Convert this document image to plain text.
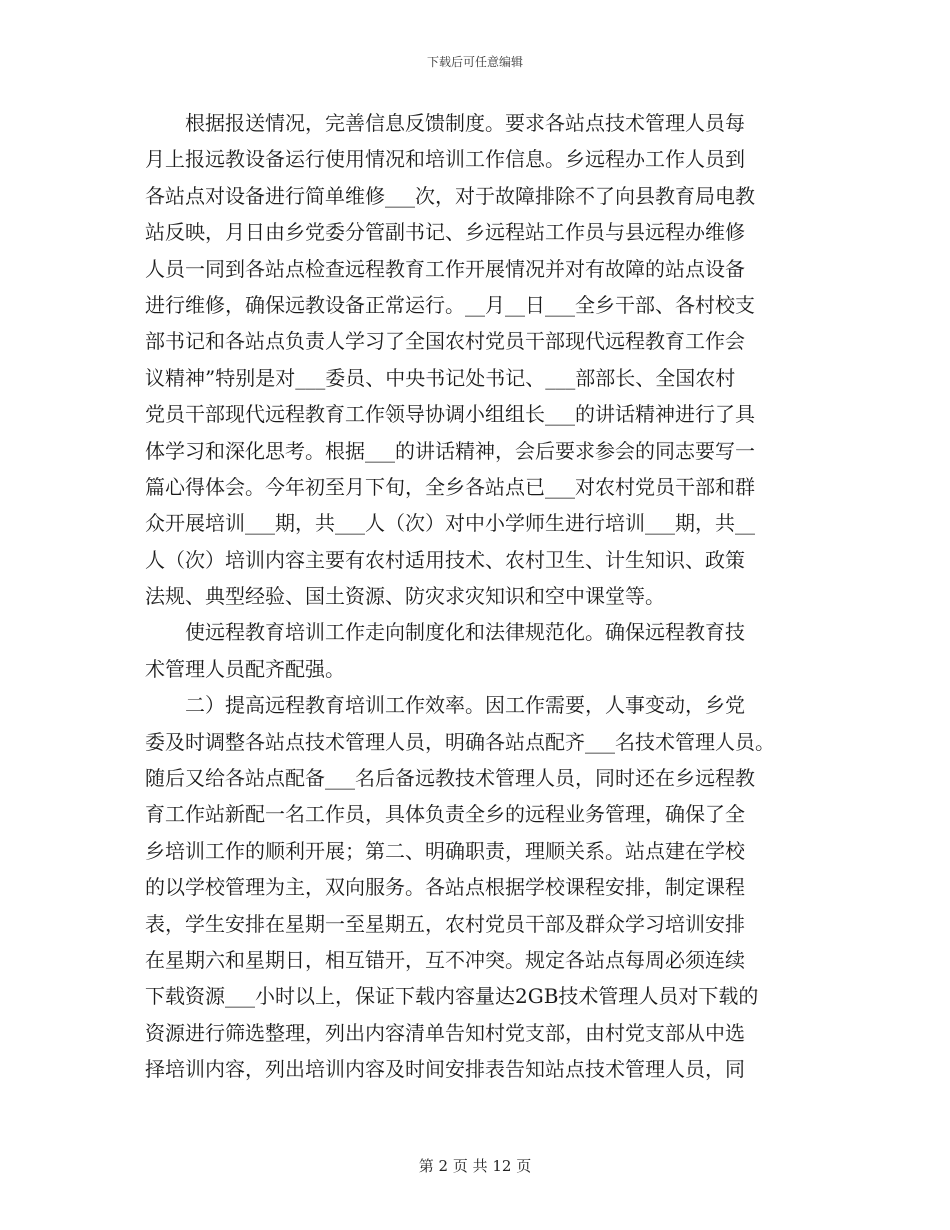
下载后可任意编辑
根据报送情况，完善信息反馈制度。要求各站点技术管理人员每
月上报远教设备运行使用情况和培训工作信息。乡远程办工作人员到
各站点对设备进行简单维修___次，对于故障排除不了向县教育局电教
站反映，月日由乡党委分管副书记、乡远程站工作员与县远程办维修
人员一同到各站点检查远程教育工作开展情况并对有故障的站点设备
进行维修，确保远教设备正常运行。__月__日___全乡干部、各村校支
部书记和各站点负责人学习了全国农村党员干部现代远程教育工作会
议精神”特别是对___委员、中央书记处书记、___部部长、全国农村
党员干部现代远程教育工作领导协调小组组长___的讲话精神进行了具
体学习和深化思考。根据___的讲话精神，会后要求参会的同志要写一
篇心得体会。今年初至月下旬，全乡各站点已___对农村党员干部和群
众开展培训___期，共___人（次）对中小学师生进行培训___期，共__
人（次）培训内容主要有农村适用技术、农村卫生、计生知识、政策
法规、典型经验、国土资源、防灾求灾知识和空中课堂等。
使远程教育培训工作走向制度化和法律规范化。确保远程教育技
术管理人员配齐配强。
二）提高远程教育培训工作效率。因工作需要，人事变动，乡党
委及时调整各站点技术管理人员，明确各站点配齐___名技术管理人员。
随后又给各站点配备___名后备远教技术管理人员，同时还在乡远程教
育工作站新配一名工作员，具体负责全乡的远程业务管理，确保了全
乡培训工作的顺利开展；第二、明确职责，理顺关系。站点建在学校
的以学校管理为主，双向服务。各站点根据学校课程安排，制定课程
表，学生安排在星期一至星期五，农村党员干部及群众学习培训安排
在星期六和星期日，相互错开，互不冲突。规定各站点每周必须连续
下载资源___小时以上，保证下载内容量达2GB技术管理人员对下载的
资源进行筛选整理，列出内容清单告知村党支部，由村党支部从中选
择培训内容，列出培训内容及时间安排表告知站点技术管理人员，同
第 2 页 共 12 页
